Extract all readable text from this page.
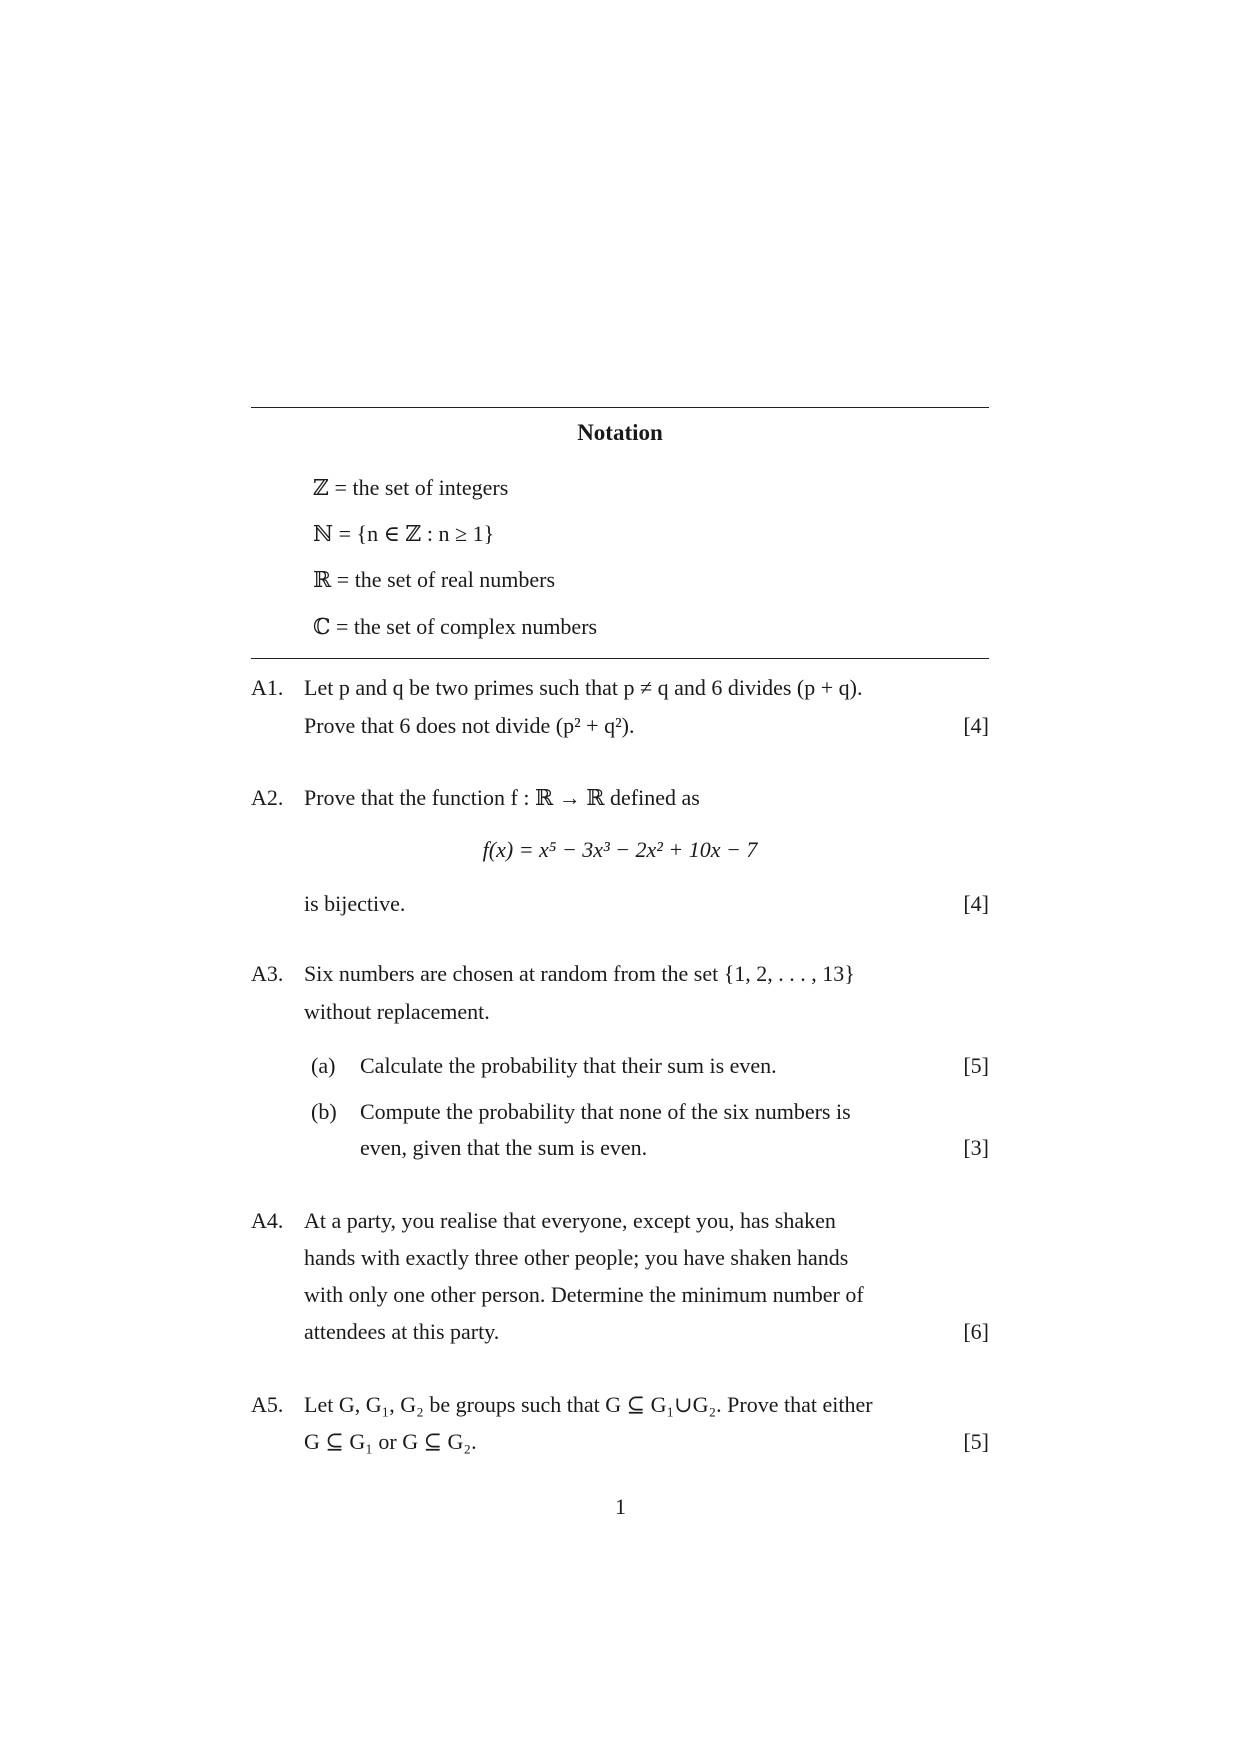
Notation
ℤ = the set of integers
ℕ = {n ∈ ℤ : n ≥ 1}
ℝ = the set of real numbers
ℂ = the set of complex numbers
A1. Let p and q be two primes such that p ≠ q and 6 divides (p + q).
Prove that 6 does not divide (p² + q²).	[4]
A2. Prove that the function f : ℝ → ℝ defined as
f(x) = x⁵ − 3x³ − 2x² + 10x − 7
is bijective.	[4]
A3. Six numbers are chosen at random from the set {1, 2, . . . , 13}
without replacement.
(a) Calculate the probability that their sum is even.	[5]
(b) Compute the probability that none of the six numbers is
even, given that the sum is even.	[3]
A4. At a party, you realise that everyone, except you, has shaken
hands with exactly three other people; you have shaken hands
with only one other person. Determine the minimum number of
attendees at this party.	[6]
A5. Let G, G₁, G₂ be groups such that G ⊆ G₁∪G₂. Prove that either
G ⊆ G₁ or G ⊆ G₂.	[5]
1
